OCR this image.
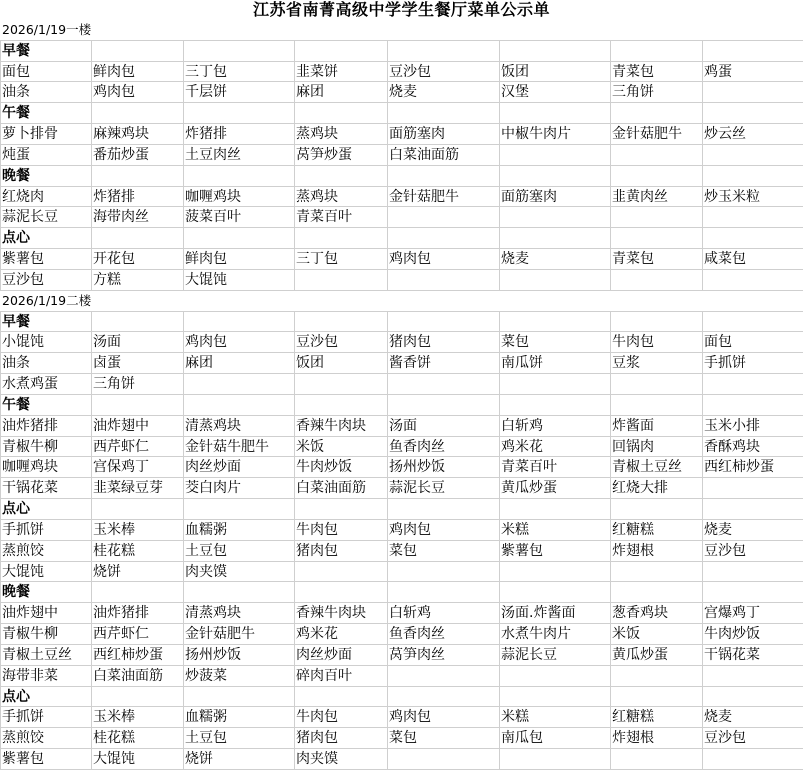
江苏省南菁高级中学学生餐厅菜单公示单
2026/1/19一楼
早餐
面包	鲜肉包	三丁包	韭菜饼	豆沙包	饭团	青菜包	鸡蛋
油条	鸡肉包	千层饼	麻团	烧麦	汉堡	三角饼
午餐
萝卜排骨	麻辣鸡块	炸猪排	蒸鸡块	面筋塞肉	中椒牛肉片	金针菇肥牛	炒云丝
炖蛋	番茄炒蛋	土豆肉丝	莴笋炒蛋	白菜油面筋
晚餐
红烧肉	炸猪排	咖喱鸡块	蒸鸡块	金针菇肥牛	面筋塞肉	韭黄肉丝	炒玉米粒
蒜泥长豆	海带肉丝	菠菜百叶	青菜百叶
点心
紫薯包	开花包	鲜肉包	三丁包	鸡肉包	烧麦	青菜包	咸菜包
豆沙包	方糕	大馄饨
2026/1/19二楼
早餐
小馄饨	汤面	鸡肉包	豆沙包	猪肉包	菜包	牛肉包	面包
油条	卤蛋	麻团	饭团	酱香饼	南瓜饼	豆浆	手抓饼
水煮鸡蛋	三角饼
午餐
油炸猪排	油炸翅中	清蒸鸡块	香辣牛肉块	汤面	白斩鸡	炸酱面	玉米小排
青椒牛柳	西芹虾仁	金针菇牛肥牛	米饭	鱼香肉丝	鸡米花	回锅肉	香酥鸡块
咖喱鸡块	宫保鸡丁	肉丝炒面	牛肉炒饭	扬州炒饭	青菜百叶	青椒土豆丝	西红柿炒蛋
干锅花菜	韭菜绿豆芽	茭白肉片	白菜油面筋	蒜泥长豆	黄瓜炒蛋	红烧大排
点心
手抓饼	玉米棒	血糯粥	牛肉包	鸡肉包	米糕	红糖糕	烧麦
蒸煎饺	桂花糕	土豆包	猪肉包	菜包	紫薯包	炸翅根	豆沙包
大馄饨	烧饼	肉夹馍
晚餐
油炸翅中	油炸猪排	清蒸鸡块	香辣牛肉块	白斩鸡	汤面.炸酱面	葱香鸡块	宫爆鸡丁
青椒牛柳	西芹虾仁	金针菇肥牛	鸡米花	鱼香肉丝	水煮牛肉片	米饭	牛肉炒饭
青椒土豆丝	西红柿炒蛋	扬州炒饭	肉丝炒面	莴笋肉丝	蒜泥长豆	黄瓜炒蛋	干锅花菜
海带非菜	白菜油面筋	炒菠菜	碎肉百叶
点心
手抓饼	玉米棒	血糯粥	牛肉包	鸡肉包	米糕	红糖糕	烧麦
蒸煎饺	桂花糕	土豆包	猪肉包	菜包	南瓜包	炸翅根	豆沙包
紫薯包	大馄饨	烧饼	肉夹馍
